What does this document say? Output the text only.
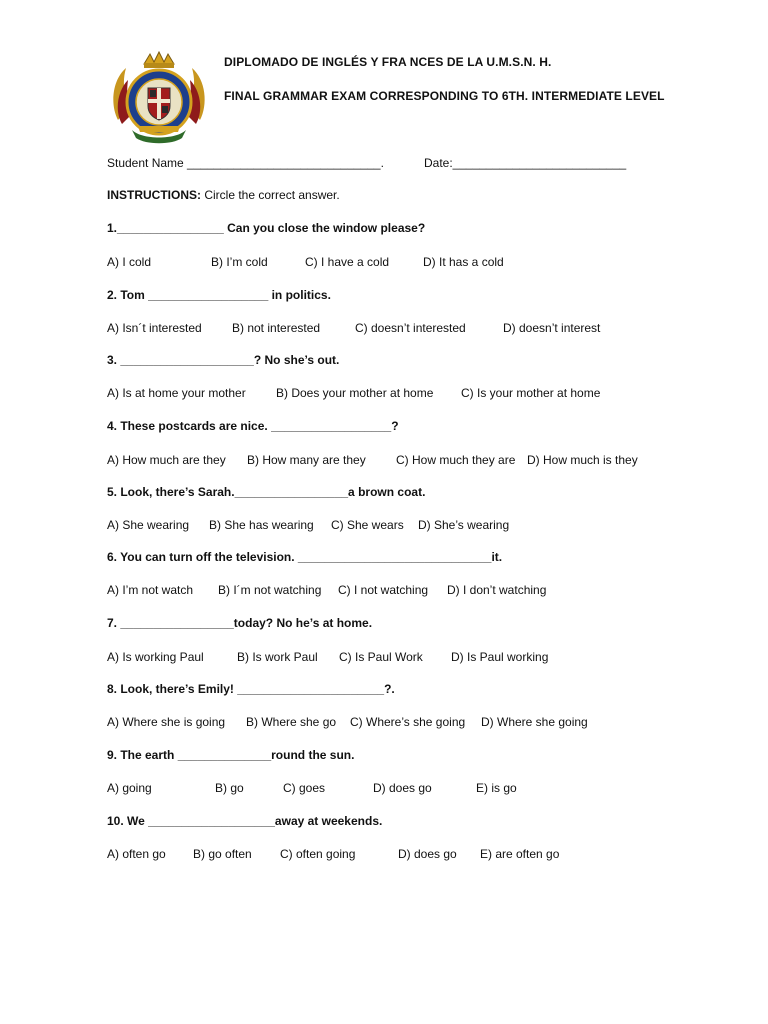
DIPLOMADO DE INGLÉS Y FRA NCES DE LA U.M.S.N. H.
FINAL GRAMMAR EXAM CORRESPONDING TO 6TH. INTERMEDIATE LEVEL
Student Name _____________________________.	Date:__________________________
INSTRUCTIONS: Circle the correct answer.
1.________________ Can you close the window please?
A) I cold	B) I’m cold	C) I have a cold	D) It has a cold
2. Tom __________________ in politics.
A) Isn´t interested	B) not interested	C) doesn’t interested	D) doesn’t interest
3. ____________________? No she’s out.
A) Is at home your mother	B) Does your mother at home C) Is your mother at home
4. These postcards are nice. __________________?
A) How much are they B) How many are they	C) How much they are D) How much is they
5. Look, there’s Sarah._________________a brown coat.
A) She wearing B) She has wearing C) She wears D) She’s wearing
6. You can turn off the television. _____________________________it.
A) I’m not watch B) I´m not watching C) I not watching D) I don’t watching
7. _________________today? No he’s at home.
A) Is working Paul	B) Is work Paul C) Is Paul Work D) Is Paul working
8. Look, there’s Emily! ______________________?.
A) Where she is going B) Where she go C) Where’s she going D) Where she going
9. The earth ______________round the sun.
A) going	B) go	C) goes	D) does go	E) is go
10. We ___________________away at weekends.
A) often go B) go often C) often going	D) does go E) are often go
